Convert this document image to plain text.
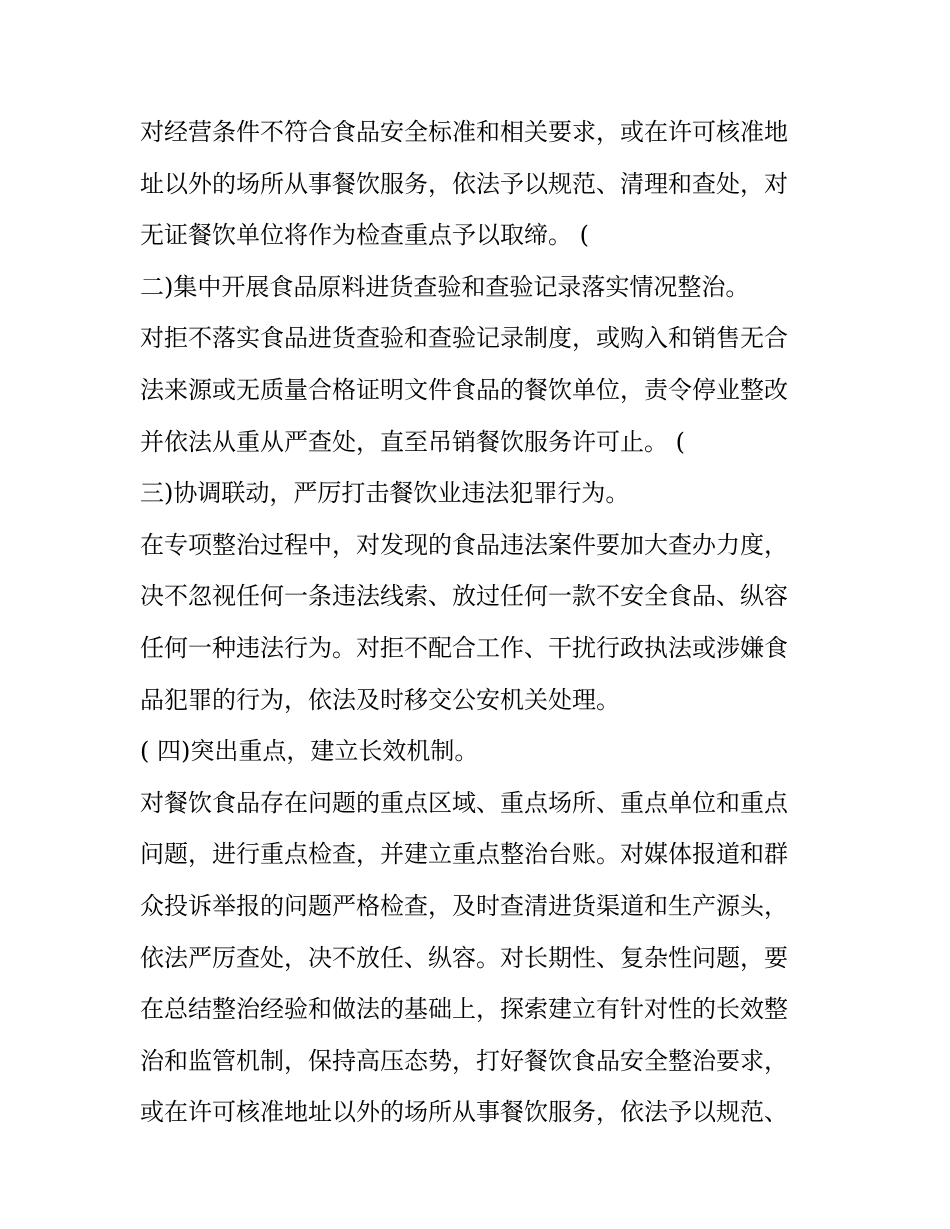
对经营条件不符合食品安全标准和相关要求，或在许可核准地
址以外的场所从事餐饮服务，依法予以规范、清理和查处，对
无证餐饮单位将作为检查重点予以取缔。 (
二)集中开展食品原料进货查验和查验记录落实情况整治。
对拒不落实食品进货查验和查验记录制度，或购入和销售无合
法来源或无质量合格证明文件食品的餐饮单位，责令停业整改
并依法从重从严查处，直至吊销餐饮服务许可止。 (
三)协调联动，严厉打击餐饮业违法犯罪行为。
在专项整治过程中，对发现的食品违法案件要加大查办力度，
决不忽视任何一条违法线索、放过任何一款不安全食品、纵容
任何一种违法行为。对拒不配合工作、干扰行政执法或涉嫌食
品犯罪的行为，依法及时移交公安机关处理。
( 四)突出重点，建立长效机制。
对餐饮食品存在问题的重点区域、重点场所、重点单位和重点
问题，进行重点检查，并建立重点整治台账。对媒体报道和群
众投诉举报的问题严格检查，及时查清进货渠道和生产源头，
依法严厉查处，决不放任、纵容。对长期性、复杂性问题，要
在总结整治经验和做法的基础上，探索建立有针对性的长效整
治和监管机制，保持高压态势，打好餐饮食品安全整治要求，
或在许可核准地址以外的场所从事餐饮服务，依法予以规范、
